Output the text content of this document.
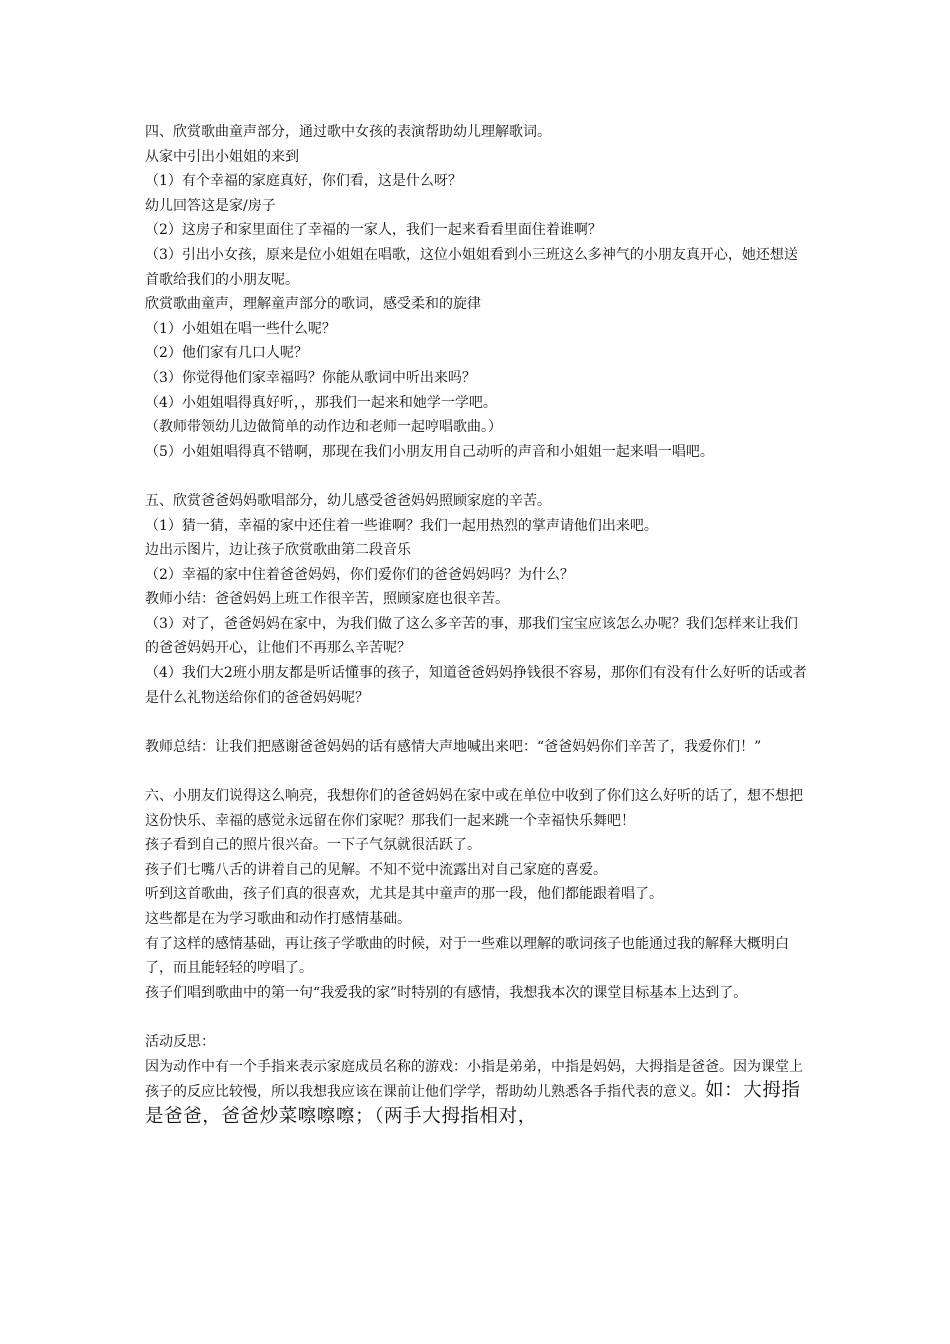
四、欣赏歌曲童声部分，通过歌中女孩的表演帮助幼儿理解歌词。

从家中引出小姐姐的来到

（1）有个幸福的家庭真好，你们看，这是什么呀？

幼儿回答这是家/房子

（2）这房子和家里面住了幸福的一家人，我们一起来看看里面住着谁啊？

（3）引出小女孩，原来是位小姐姐在唱歌，这位小姐姐看到小三班这么多神气的小朋友真开心，她还想送首歌给我们的小朋友呢。

欣赏歌曲童声，理解童声部分的歌词，感受柔和的旋律

（1）小姐姐在唱一些什么呢？

（2）他们家有几口人呢？

（3）你觉得他们家幸福吗？你能从歌词中听出来吗？

（4）小姐姐唱得真好听，，那我们一起来和她学一学吧。

（教师带领幼儿边做简单的动作边和老师一起哼唱歌曲。）

（5）小姐姐唱得真不错啊，那现在我们小朋友用自己动听的声音和小姐姐一起来唱一唱吧。

五、欣赏爸爸妈妈歌唱部分，幼儿感受爸爸妈妈照顾家庭的辛苦。

（1）猜一猜，幸福的家中还住着一些谁啊？我们一起用热烈的掌声请他们出来吧。

边出示图片，边让孩子欣赏歌曲第二段音乐

（2）幸福的家中住着爸爸妈妈，你们爱你们的爸爸妈妈吗？为什么？

教师小结：爸爸妈妈上班工作很辛苦，照顾家庭也很辛苦。

（3）对了，爸爸妈妈在家中，为我们做了这么多辛苦的事，那我们宝宝应该怎么办呢？我们怎样来让我们的爸爸妈妈开心，让他们不再那么辛苦呢？

（4）我们大2班小朋友都是听话懂事的孩子，知道爸爸妈妈挣钱很不容易，那你们有没有什么好听的话或者是什么礼物送给你们的爸爸妈妈呢？

教师总结：让我们把感谢爸爸妈妈的话有感情大声地喊出来吧：“爸爸妈妈你们辛苦了，我爱你们！”

六、小朋友们说得这么响亮，我想你们的爸爸妈妈在家中或在单位中收到了你们这么好听的话了，想不想把这份快乐、幸福的感觉永远留在你们家呢？那我们一起来跳一个幸福快乐舞吧！

孩子看到自己的照片很兴奋。一下子气氛就很活跃了。

孩子们七嘴八舌的讲着自己的见解。不知不觉中流露出对自己家庭的喜爱。

听到这首歌曲，孩子们真的很喜欢，尤其是其中童声的那一段，他们都能跟着唱了。

这些都是在为学习歌曲和动作打感情基础。

有了这样的感情基础，再让孩子学歌曲的时候，对于一些难以理解的歌词孩子也能通过我的解释大概明白了，而且能轻轻的哼唱了。

孩子们唱到歌曲中的第一句“我爱我的家”时特别的有感情，我想我本次的课堂目标基本上达到了。

活动反思：

因为动作中有一个手指来表示家庭成员名称的游戏：小指是弟弟，中指是妈妈，大拇指是爸爸。因为课堂上孩子的反应比较慢，所以我想我应该在课前让他们学学，帮助幼儿熟悉各手指代表的意义。如：大拇指是爸爸，爸爸炒菜嚓嚓嚓；（两手大拇指相对，
